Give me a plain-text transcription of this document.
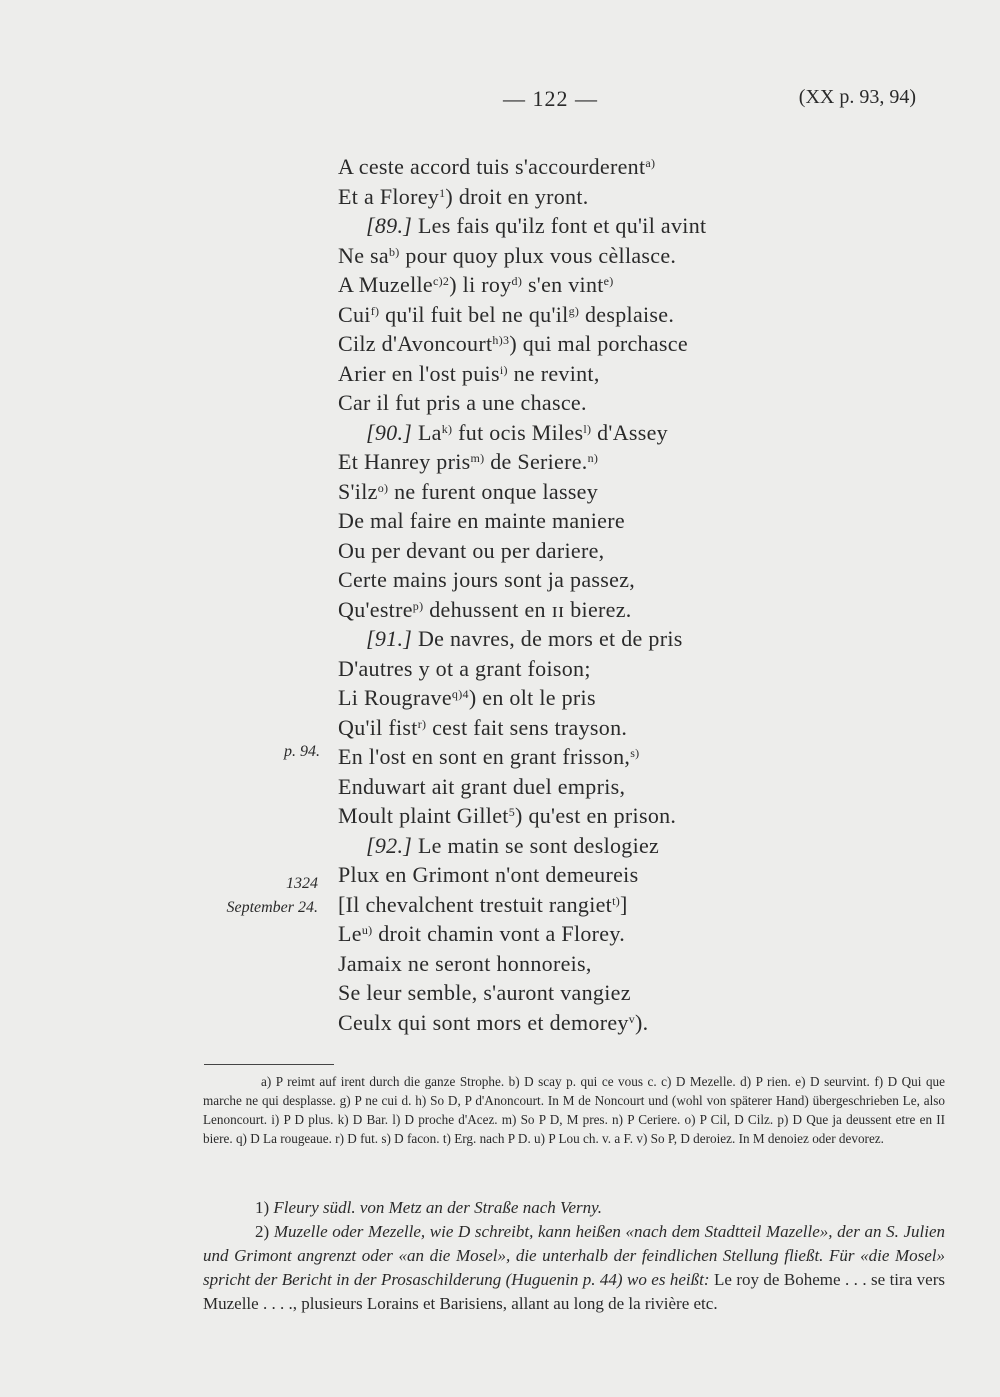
— 122 —	(XX p. 93, 94)
A ceste accord tuis s'accourderent$^{a)}$
Et a Florey$^1$) droit en yront.
[89.] Les fais qu'ilz font et qu'il avint
Ne $sa^{b)}$ pour quoy plux vous cèllasce.
A Muzelle$^{c)2}$) li roy$^{d)}$ s'en vint$^{e)}$
Cui$^{f)}$ qu'il fuit bel ne $qu'il^{g)}$ desplaise.
Cilz d'Avoncourt$^{h)3}$) qui mal porchasce
Arier en l'ost puis$^{i)}$ ne revint,
Car il fut pris a une chasce.
[90.] La$^{k)}$ fut ocis Miles$^{l)}$ d'Assey
Et Hanrey pris$^{m)}$ de Seriere.$^{n)}$
S'ilz$^{o)}$ ne furent onque lassey
De mal faire en mainte maniere
Ou per devant ou per dariere,
Certe mains jours sont ja passez,
Qu'estre$^{p)}$ dehussent en ɪɪ bierez.
[91.] De navres, de mors et de pris
D'autres y ot a grant foison;
Li Rougrave$^{q)4}$) en olt le pris
Qu'il fist$^{r)}$ cest fait sens trayson.
En l'ost en sont en grant frisson,$^{s)}$
Enduwart ait grant duel empris,
Moult plaint Gillet$^5$) qu'est en prison.
[92.] Le matin se sont deslogiez
Plux en Grimont n'ont demeureis
[Il chevalchent trestuit rangiet$^{t)}$]
Le$^{u)}$ droit chamin vont a Florey.
Jamaix ne seront honnoreis,
Se leur semble, s'auront vangiez
Ceulx qui sont mors et demorey$^v$).
p. 94.
1324
September 24.

a) P reimt auf irent durch die ganze Strophe. b) D scay p. qui ce vous c. c) D Mezelle. d) P rien. e) D seurvint. f) D Qui que marche ne qui desplasse. g) P ne cui d. h) So D, P d'Anoncourt. In M de Noncourt und (wohl von späterer Hand) übergeschrieben Le, also Lenoncourt. i) P D plus. k) D Bar. l) D proche d'Acez. m) So P D, M pres. n) P Ceriere. o) P Cil, D Cilz. p) D Que ja deussent etre en II biere. q) D La rougeaue. r) D fut. s) D facon. t) Erg. nach P D. u) P Lou ch. v. a F. v) So P, D deroiez. In M denoiez oder devorez.

1) Fleury südl. von Metz an der Straße nach Verny.

2) Muzelle oder Mezelle, wie D schreibt, kann heißen «nach dem Stadtteil Mazelle», der an S. Julien und Grimont angrenzt oder «an die Mosel», die unterhalb der feindlichen Stellung fließt. Für «die Mosel» spricht der Bericht in der Prosaschilderung (Huguenin p. 44) wo es heißt: Le roy de Boheme . . . se tira vers Muzelle . . . ., plusieurs Lorains et Barisiens, allant au long de la rivière etc.
